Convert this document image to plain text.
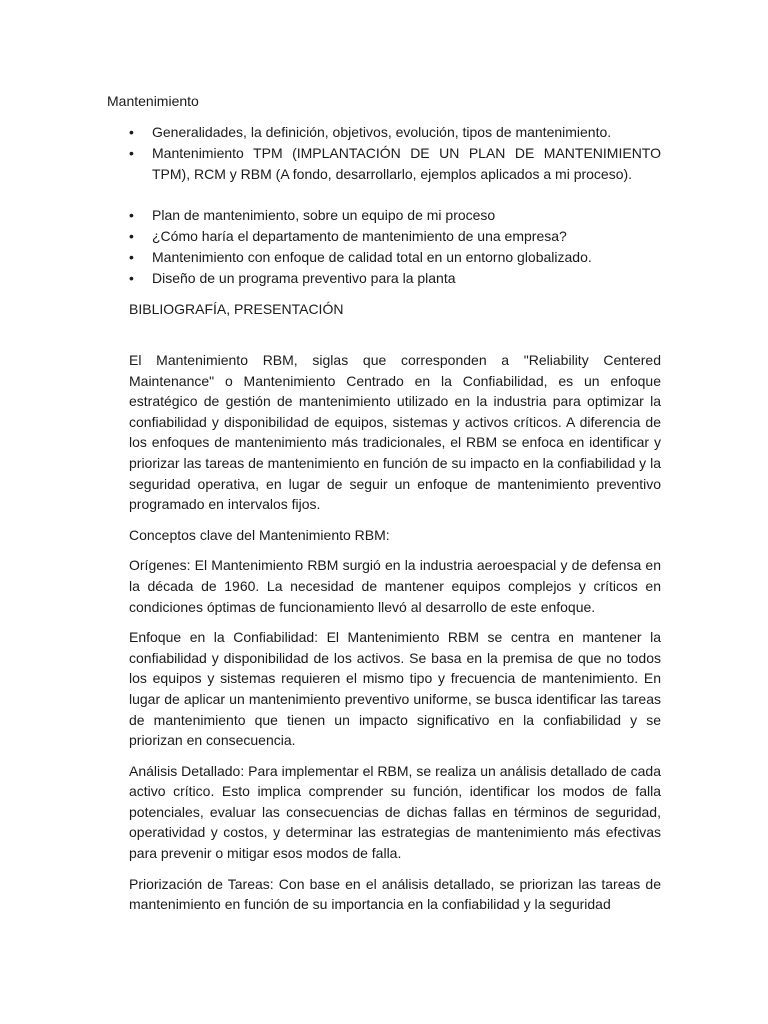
Mantenimiento
• Generalidades, la definición, objetivos, evolución, tipos de mantenimiento.
• Mantenimiento TPM (IMPLANTACIÓN DE UN PLAN DE MANTENIMIENTO TPM), RCM y RBM (A fondo, desarrollarlo, ejemplos aplicados a mi proceso).
• Plan de mantenimiento, sobre un equipo de mi proceso
• ¿Cómo haría el departamento de mantenimiento de una empresa?
• Mantenimiento con enfoque de calidad total en un entorno globalizado.
• Diseño de un programa preventivo para la planta
BIBLIOGRAFÍA, PRESENTACIÓN

El Mantenimiento RBM, siglas que corresponden a "Reliability Centered Maintenance" o Mantenimiento Centrado en la Confiabilidad, es un enfoque estratégico de gestión de mantenimiento utilizado en la industria para optimizar la confiabilidad y disponibilidad de equipos, sistemas y activos críticos. A diferencia de los enfoques de mantenimiento más tradicionales, el RBM se enfoca en identificar y priorizar las tareas de mantenimiento en función de su impacto en la confiabilidad y la seguridad operativa, en lugar de seguir un enfoque de mantenimiento preventivo programado en intervalos fijos.

Conceptos clave del Mantenimiento RBM:

Orígenes: El Mantenimiento RBM surgió en la industria aeroespacial y de defensa en la década de 1960. La necesidad de mantener equipos complejos y críticos en condiciones óptimas de funcionamiento llevó al desarrollo de este enfoque.

Enfoque en la Confiabilidad: El Mantenimiento RBM se centra en mantener la confiabilidad y disponibilidad de los activos. Se basa en la premisa de que no todos los equipos y sistemas requieren el mismo tipo y frecuencia de mantenimiento. En lugar de aplicar un mantenimiento preventivo uniforme, se busca identificar las tareas de mantenimiento que tienen un impacto significativo en la confiabilidad y se priorizan en consecuencia.

Análisis Detallado: Para implementar el RBM, se realiza un análisis detallado de cada activo crítico. Esto implica comprender su función, identificar los modos de falla potenciales, evaluar las consecuencias de dichas fallas en términos de seguridad, operatividad y costos, y determinar las estrategias de mantenimiento más efectivas para prevenir o mitigar esos modos de falla.

Priorización de Tareas: Con base en el análisis detallado, se priorizan las tareas de mantenimiento en función de su importancia en la confiabilidad y la seguridad
